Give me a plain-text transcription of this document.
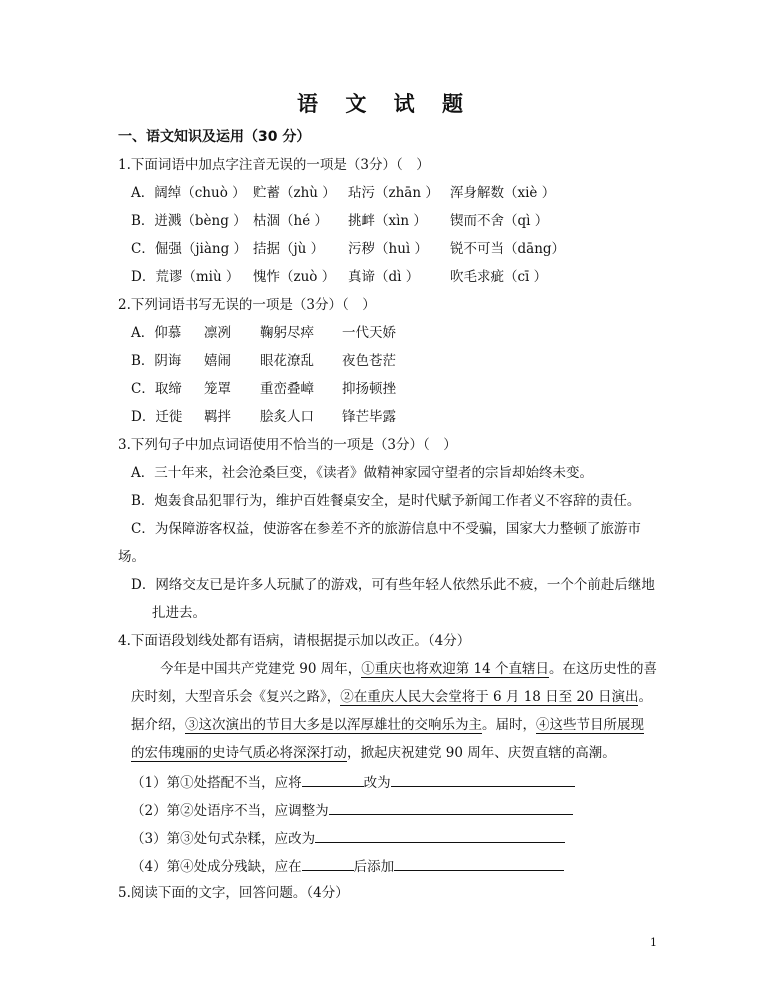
语 文 试 题
一、语文知识及运用（30 分）
1.下面词语中加点字注音无误的一项是（3分）（　）
A．阔绰（chuò ） 贮蓄（zhù ） 玷污（zhān ） 浑身解数（xiè ）
B．迸溅（bèng ） 枯涸（hé ） 挑衅（xìn ） 锲而不舍（qì ）
C．倔强（jiàng ） 拮据（jù ） 污秽（huì ） 锐不可当（dāng）
D．荒谬（miù ） 愧怍（zuò ） 真谛（dì ） 吹毛求疵（cī ）
2.下列词语书写无误的一项是（3分）（　）
A．仰慕 凛冽 鞠躬尽瘁 一代天娇
B．阴诲 嬉闹 眼花潦乱 夜色苍茫
C．取缔 笼罩 重峦叠嶂 抑扬顿挫
D．迁徙 羁拌 脍炙人口 锋芒毕露
3.下列句子中加点词语使用不恰当的一项是（3分）（　）
A．三十年来，社会沧桑巨变，《读者》做精神家园守望者的宗旨却始终未变。
B．炮轰食品犯罪行为，维护百姓餐桌安全，是时代赋予新闻工作者义不容辞的责任。
C．为保障游客权益，使游客在参差不齐的旅游信息中不受骗，国家大力整顿了旅游市
场。
D．网络交友已是许多人玩腻了的游戏，可有些年轻人依然乐此不疲，一个个前赴后继地
扎进去。
4.下面语段划线处都有语病，请根据提示加以改正。（4分）
今年是中国共产党建党 90 周年，①重庆也将欢迎第 14 个直辖日。在这历史性的喜
庆时刻，大型音乐会《复兴之路》，②在重庆人民大会堂将于 6 月 18 日至 20 日演出。
据介绍，③这次演出的节目大多是以浑厚雄壮的交响乐为主。届时，④这些节目所展现
的宏伟瑰丽的史诗气质必将深深打动，掀起庆祝建党 90 周年、庆贺直辖的高潮。
（1）第①处搭配不当，应将	改为
（2）第②处语序不当，应调整为
（3）第③处句式杂糅，应改为
（4）第④处成分残缺，应在	后添加
5.阅读下面的文字，回答问题。（4分）
1
